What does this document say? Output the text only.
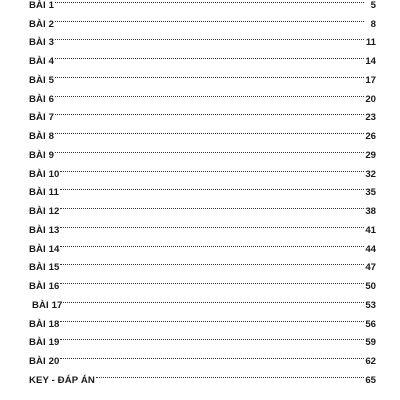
BÀI 1	5
BÀI 2	8
BÀI 3	11
BÀI 4	14
BÀI 5	17
BÀI 6	20
BÀI 7	23
BÀI 8	26
BÀI 9	29
BÀI 10	32
BÀI 11	35
BÀI 12	38
BÀI 13	41
BÀI 14	44
BÀI 15	47
BÀI 16	50
BÀI 17	53
BÀI 18	56
BÀI 19	59
BÀI 20	62
KEY - ĐÁP ÁN	65
